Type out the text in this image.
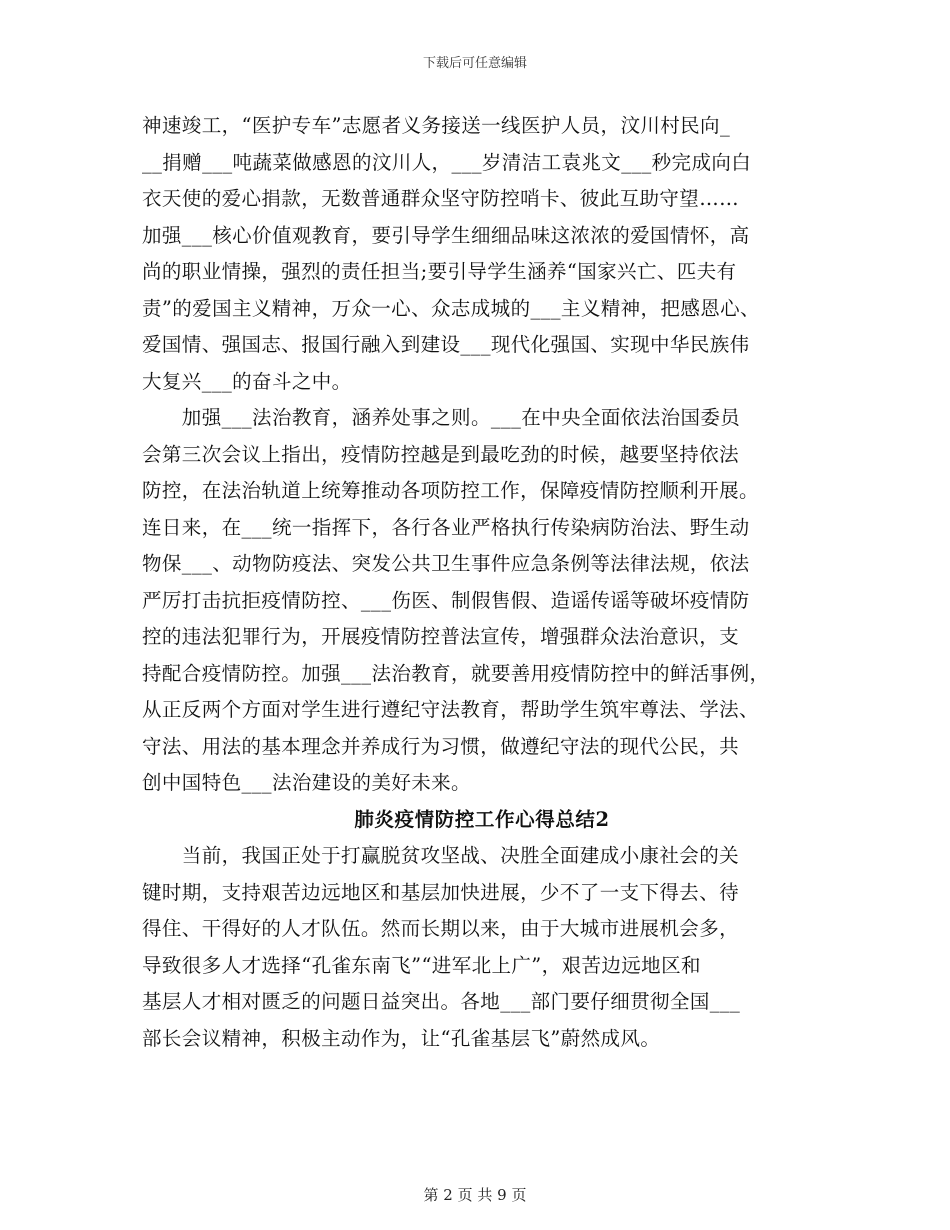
下载后可任意编辑
神速竣工，“医护专车”志愿者义务接送一线医护人员，汶川村民向_
__捐赠___吨蔬菜做感恩的汶川人，___岁清洁工袁兆文___秒完成向白
衣天使的爱心捐款，无数普通群众坚守防控哨卡、彼此互助守望……
加强___核心价值观教育，要引导学生细细品味这浓浓的爱国情怀，高
尚的职业情操，强烈的责任担当;要引导学生涵养“国家兴亡、匹夫有
责”的爱国主义精神，万众一心、众志成城的___主义精神，把感恩心、
爱国情、强国志、报国行融入到建设___现代化强国、实现中华民族伟
大复兴___的奋斗之中。
　　加强___法治教育，涵养处事之则。___在中央全面依法治国委员
会第三次会议上指出，疫情防控越是到最吃劲的时候，越要坚持依法
防控，在法治轨道上统筹推动各项防控工作，保障疫情防控顺利开展。
连日来，在___统一指挥下，各行各业严格执行传染病防治法、野生动
物保___、动物防疫法、突发公共卫生事件应急条例等法律法规，依法
严厉打击抗拒疫情防控、___伤医、制假售假、造谣传谣等破坏疫情防
控的违法犯罪行为，开展疫情防控普法宣传，增强群众法治意识，支
持配合疫情防控。加强___法治教育，就要善用疫情防控中的鲜活事例，
从正反两个方面对学生进行遵纪守法教育，帮助学生筑牢尊法、学法、
守法、用法的基本理念并养成行为习惯，做遵纪守法的现代公民，共
创中国特色___法治建设的美好未来。
肺炎疫情防控工作心得总结2
　　当前，我国正处于打赢脱贫攻坚战、决胜全面建成小康社会的关
键时期，支持艰苦边远地区和基层加快进展，少不了一支下得去、待
得住、干得好的人才队伍。然而长期以来，由于大城市进展机会多，
导致很多人才选择“孔雀东南飞”“进军北上广”，艰苦边远地区和
基层人才相对匮乏的问题日益突出。各地___部门要仔细贯彻全国___
部长会议精神，积极主动作为，让“孔雀基层飞”蔚然成风。
第 2 页 共 9 页
